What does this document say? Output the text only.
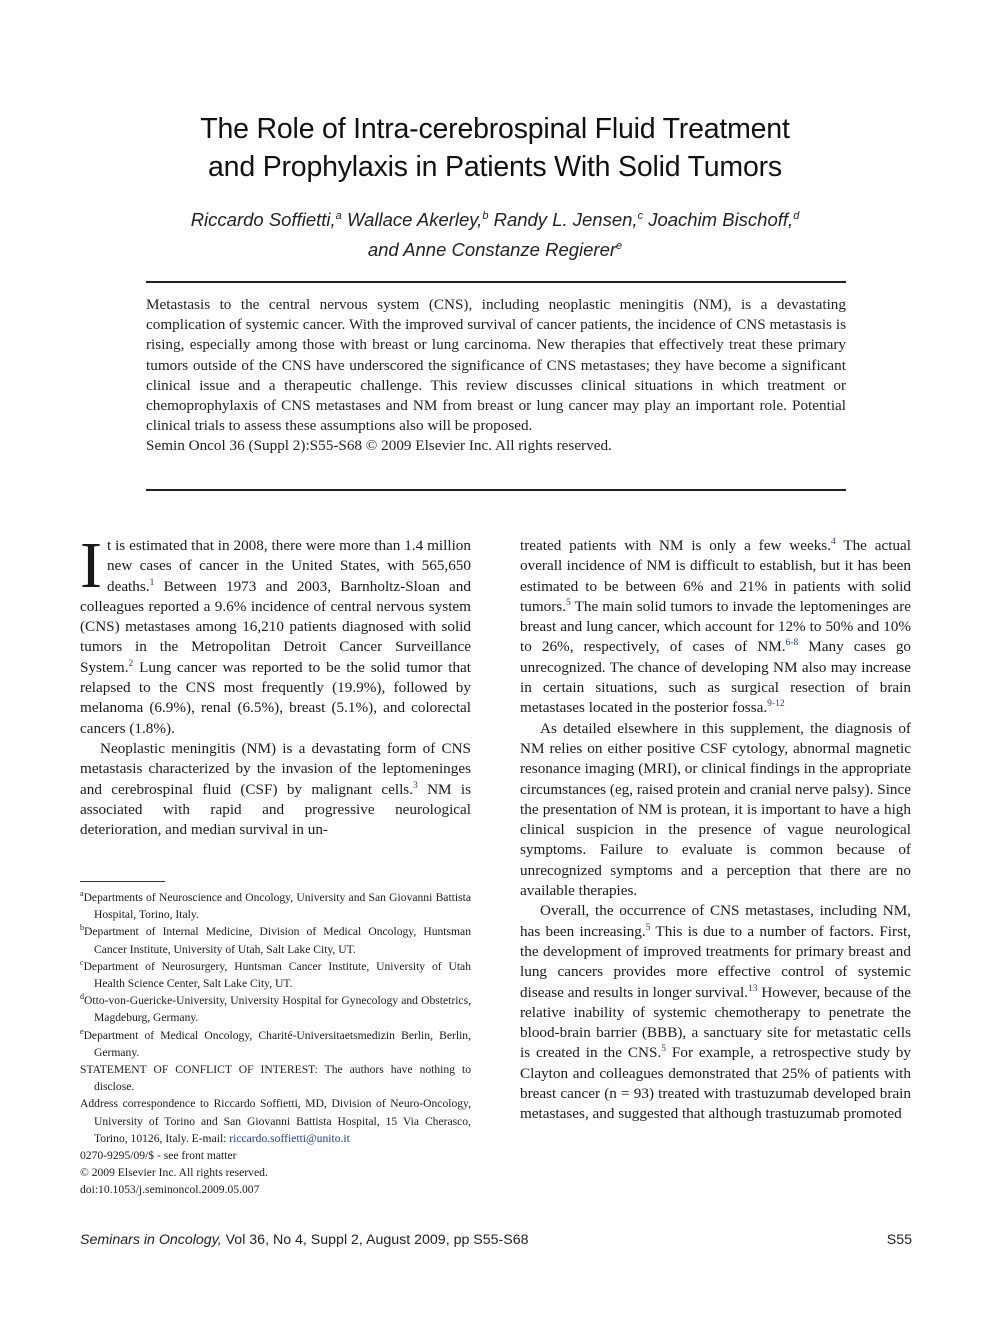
The Role of Intra-cerebrospinal Fluid Treatment
and Prophylaxis in Patients With Solid Tumors
Riccardo Soffietti,$^a$ Wallace Akerley,$^b$ Randy L. Jensen,$^c$ Joachim Bischoff,$^d$
and Anne Constanze Regierer$^e$

Metastasis to the central nervous system (CNS), including neoplastic meningitis (NM), is a devastating complication of systemic cancer. With the improved survival of cancer patients, the incidence of CNS metastasis is rising, especially among those with breast or lung carcinoma. New therapies that effectively treat these primary tumors outside of the CNS have underscored the significance of CNS metastases; they have become a significant clinical issue and a therapeutic challenge. This review discusses clinical situations in which treatment or chemoprophylaxis of CNS metastases and NM from breast or lung cancer may play an important role. Potential clinical trials to assess these assumptions also will be proposed.

Semin Oncol 36 (Suppl 2):S55-S68 © 2009 Elsevier Inc. All rights reserved.

It is estimated that in 2008, there were more than 1.4 million new cases of cancer in the United States, with 565,650 deaths.$^1$ Between 1973 and 2003, Barnholtz-Sloan and colleagues reported a 9.6% incidence of central nervous system (CNS) metastases among 16,210 patients diagnosed with solid tumors in the Metropolitan Detroit Cancer Surveillance System.$^2$ Lung cancer was reported to be the solid tumor that relapsed to the CNS most frequently (19.9%), followed by melanoma (6.9%), renal (6.5%), breast (5.1%), and colorectal cancers (1.8%).

Neoplastic meningitis (NM) is a devastating form of CNS metastasis characterized by the invasion of the leptomeninges and cerebrospinal fluid (CSF) by malignant cells.$^3$ NM is associated with rapid and progressive neurological deterioration, and median survival in un-

$^a$Departments of Neuroscience and Oncology, University and San Giovanni Battista Hospital, Torino, Italy.

$^b$Department of Internal Medicine, Division of Medical Oncology, Huntsman Cancer Institute, University of Utah, Salt Lake City, UT.

$^c$Department of Neurosurgery, Huntsman Cancer Institute, University of Utah Health Science Center, Salt Lake City, UT.

$^d$Otto-von-Guericke-University, University Hospital for Gynecology and Obstetrics, Magdeburg, Germany.

$^e$Department of Medical Oncology, Charité-Universitaetsmedizin Berlin, Berlin, Germany.

STATEMENT OF CONFLICT OF INTEREST: The authors have nothing to disclose.

Address correspondence to Riccardo Soffietti, MD, Division of Neuro-Oncology, University of Torino and San Giovanni Battista Hospital, 15 Via Cherasco, Torino, 10126, Italy. E-mail: riccardo.soffietti@unito.it

0270-9295/09/$ - see front matter

© 2009 Elsevier Inc. All rights reserved.

doi:10.1053/j.seminoncol.2009.05.007

treated patients with NM is only a few weeks.$^4$ The actual overall incidence of NM is difficult to establish, but it has been estimated to be between 6% and 21% in patients with solid tumors.$^5$ The main solid tumors to invade the leptomeninges are breast and lung cancer, which account for 12% to 50% and 10% to 26%, respectively, of cases of NM.$^{6-8}$ Many cases go unrecognized. The chance of developing NM also may increase in certain situations, such as surgical resection of brain metastases located in the posterior fossa.$^{9-12}$

As detailed elsewhere in this supplement, the diagnosis of NM relies on either positive CSF cytology, abnormal magnetic resonance imaging (MRI), or clinical findings in the appropriate circumstances (eg, raised protein and cranial nerve palsy). Since the presentation of NM is protean, it is important to have a high clinical suspicion in the presence of vague neurological symptoms. Failure to evaluate is common because of unrecognized symptoms and a perception that there are no available therapies.

Overall, the occurrence of CNS metastases, including NM, has been increasing.$^5$ This is due to a number of factors. First, the development of improved treatments for primary breast and lung cancers provides more effective control of systemic disease and results in longer survival.$^{13}$ However, because of the relative inability of systemic chemotherapy to penetrate the blood-brain barrier (BBB), a sanctuary site for metastatic cells is created in the CNS.$^5$ For example, a retrospective study by Clayton and colleagues demonstrated that 25% of patients with breast cancer (n = 93) treated with trastuzumab developed brain metastases, and suggested that although trastuzumab promoted

Seminars in Oncology, Vol 36, No 4, Suppl 2, August 2009, pp S55-S68	S55
